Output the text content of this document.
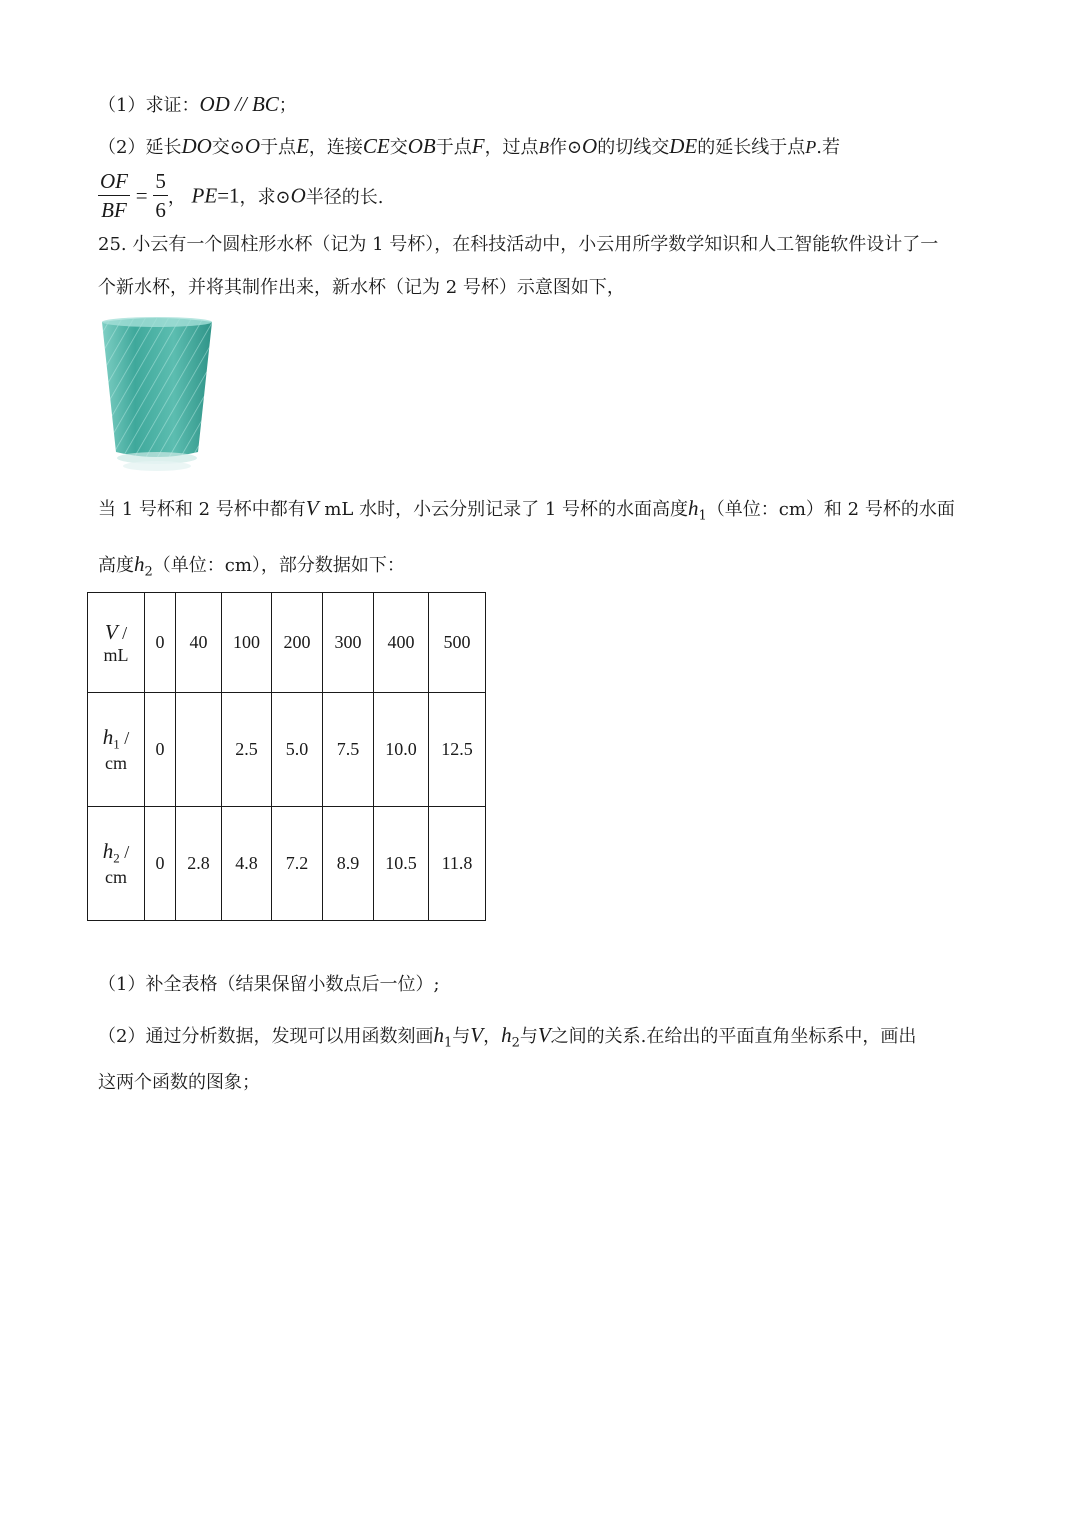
（1）求证：OD // BC；
（2）延长DO交⊙O于点E，连接CE交OB于点F，过点B作⊙O的切线交DE的延长线于点P.若
$\frac{OF}{BF} = \frac{5}{6}$ ， PE=1，求⊙O半径的长.
25. 小云有一个圆柱形水杯（记为 1 号杯），在科技活动中，小云用所学数学知识和人工智能软件设计了一
个新水杯，并将其制作出来，新水杯（记为 2 号杯）示意图如下，
当 1 号杯和 2 号杯中都有V mL 水时，小云分别记录了 1 号杯的水面高度$h_1$（单位：cm）和 2 号杯的水面
高度$h_2$（单位：cm），部分数据如下：
V /
mL	0	40	100	200	300	400	500

$h_1$ /
cm	0		2.5	5.0	7.5	10.0	12.5

$h_2$ /
cm	0	2.8	4.8	7.2	8.9	10.5	11.8
（1）补全表格（结果保留小数点后一位）;
（2）通过分析数据，发现可以用函数刻画$h_1$与V，$h_2$与V之间的关系.在给出的平面直角坐标系中，画出
这两个函数的图象；
